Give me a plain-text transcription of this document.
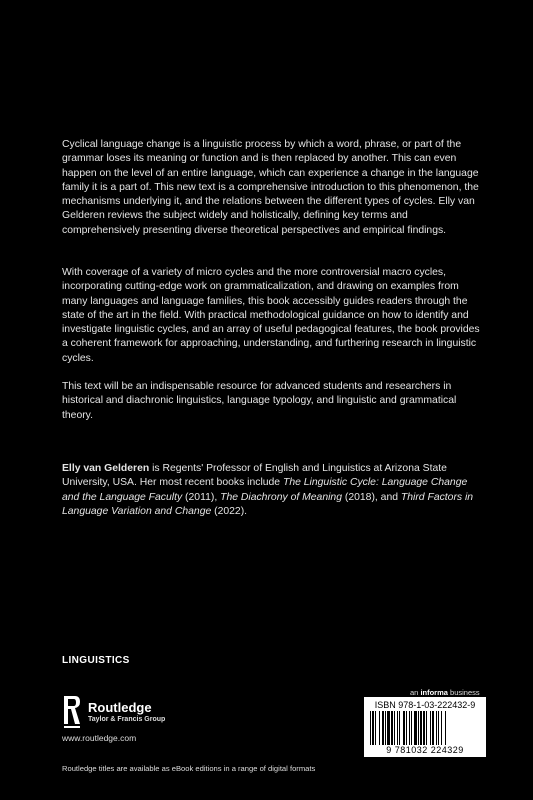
Cyclical language change is a linguistic process by which a word, phrase, or part of the grammar loses its meaning or function and is then replaced by another. This can even happen on the level of an entire language, which can experience a change in the language family it is a part of. This new text is a comprehensive introduction to this phenomenon, the mechanisms underlying it, and the relations between the different types of cycles. Elly van Gelderen reviews the subject widely and holistically, defining key terms and comprehensively presenting diverse theoretical perspectives and empirical findings.

With coverage of a variety of micro cycles and the more controversial macro cycles, incorporating cutting-edge work on grammaticalization, and drawing on examples from many languages and language families, this book accessibly guides readers through the state of the art in the field. With practical methodological guidance on how to identify and investigate linguistic cycles, and an array of useful pedagogical features, the book provides a coherent framework for approaching, understanding, and furthering research in linguistic cycles.

This text will be an indispensable resource for advanced students and researchers in historical and diachronic linguistics, language typology, and linguistic and grammatical theory.

Elly van Gelderen is Regents' Professor of English and Linguistics at Arizona State University, USA. Her most recent books include The Linguistic Cycle: Language Change and the Language Faculty (2011), The Diachrony of Meaning (2018), and Third Factors in Language Variation and Change (2022).

LINGUISTICS
Routledge
Taylor & Francis Group
www.routledge.com
Routledge titles are available as eBook editions in a range of digital formats
an informa business
ISBN 978-1-03-222432-9
9 781032 224329
